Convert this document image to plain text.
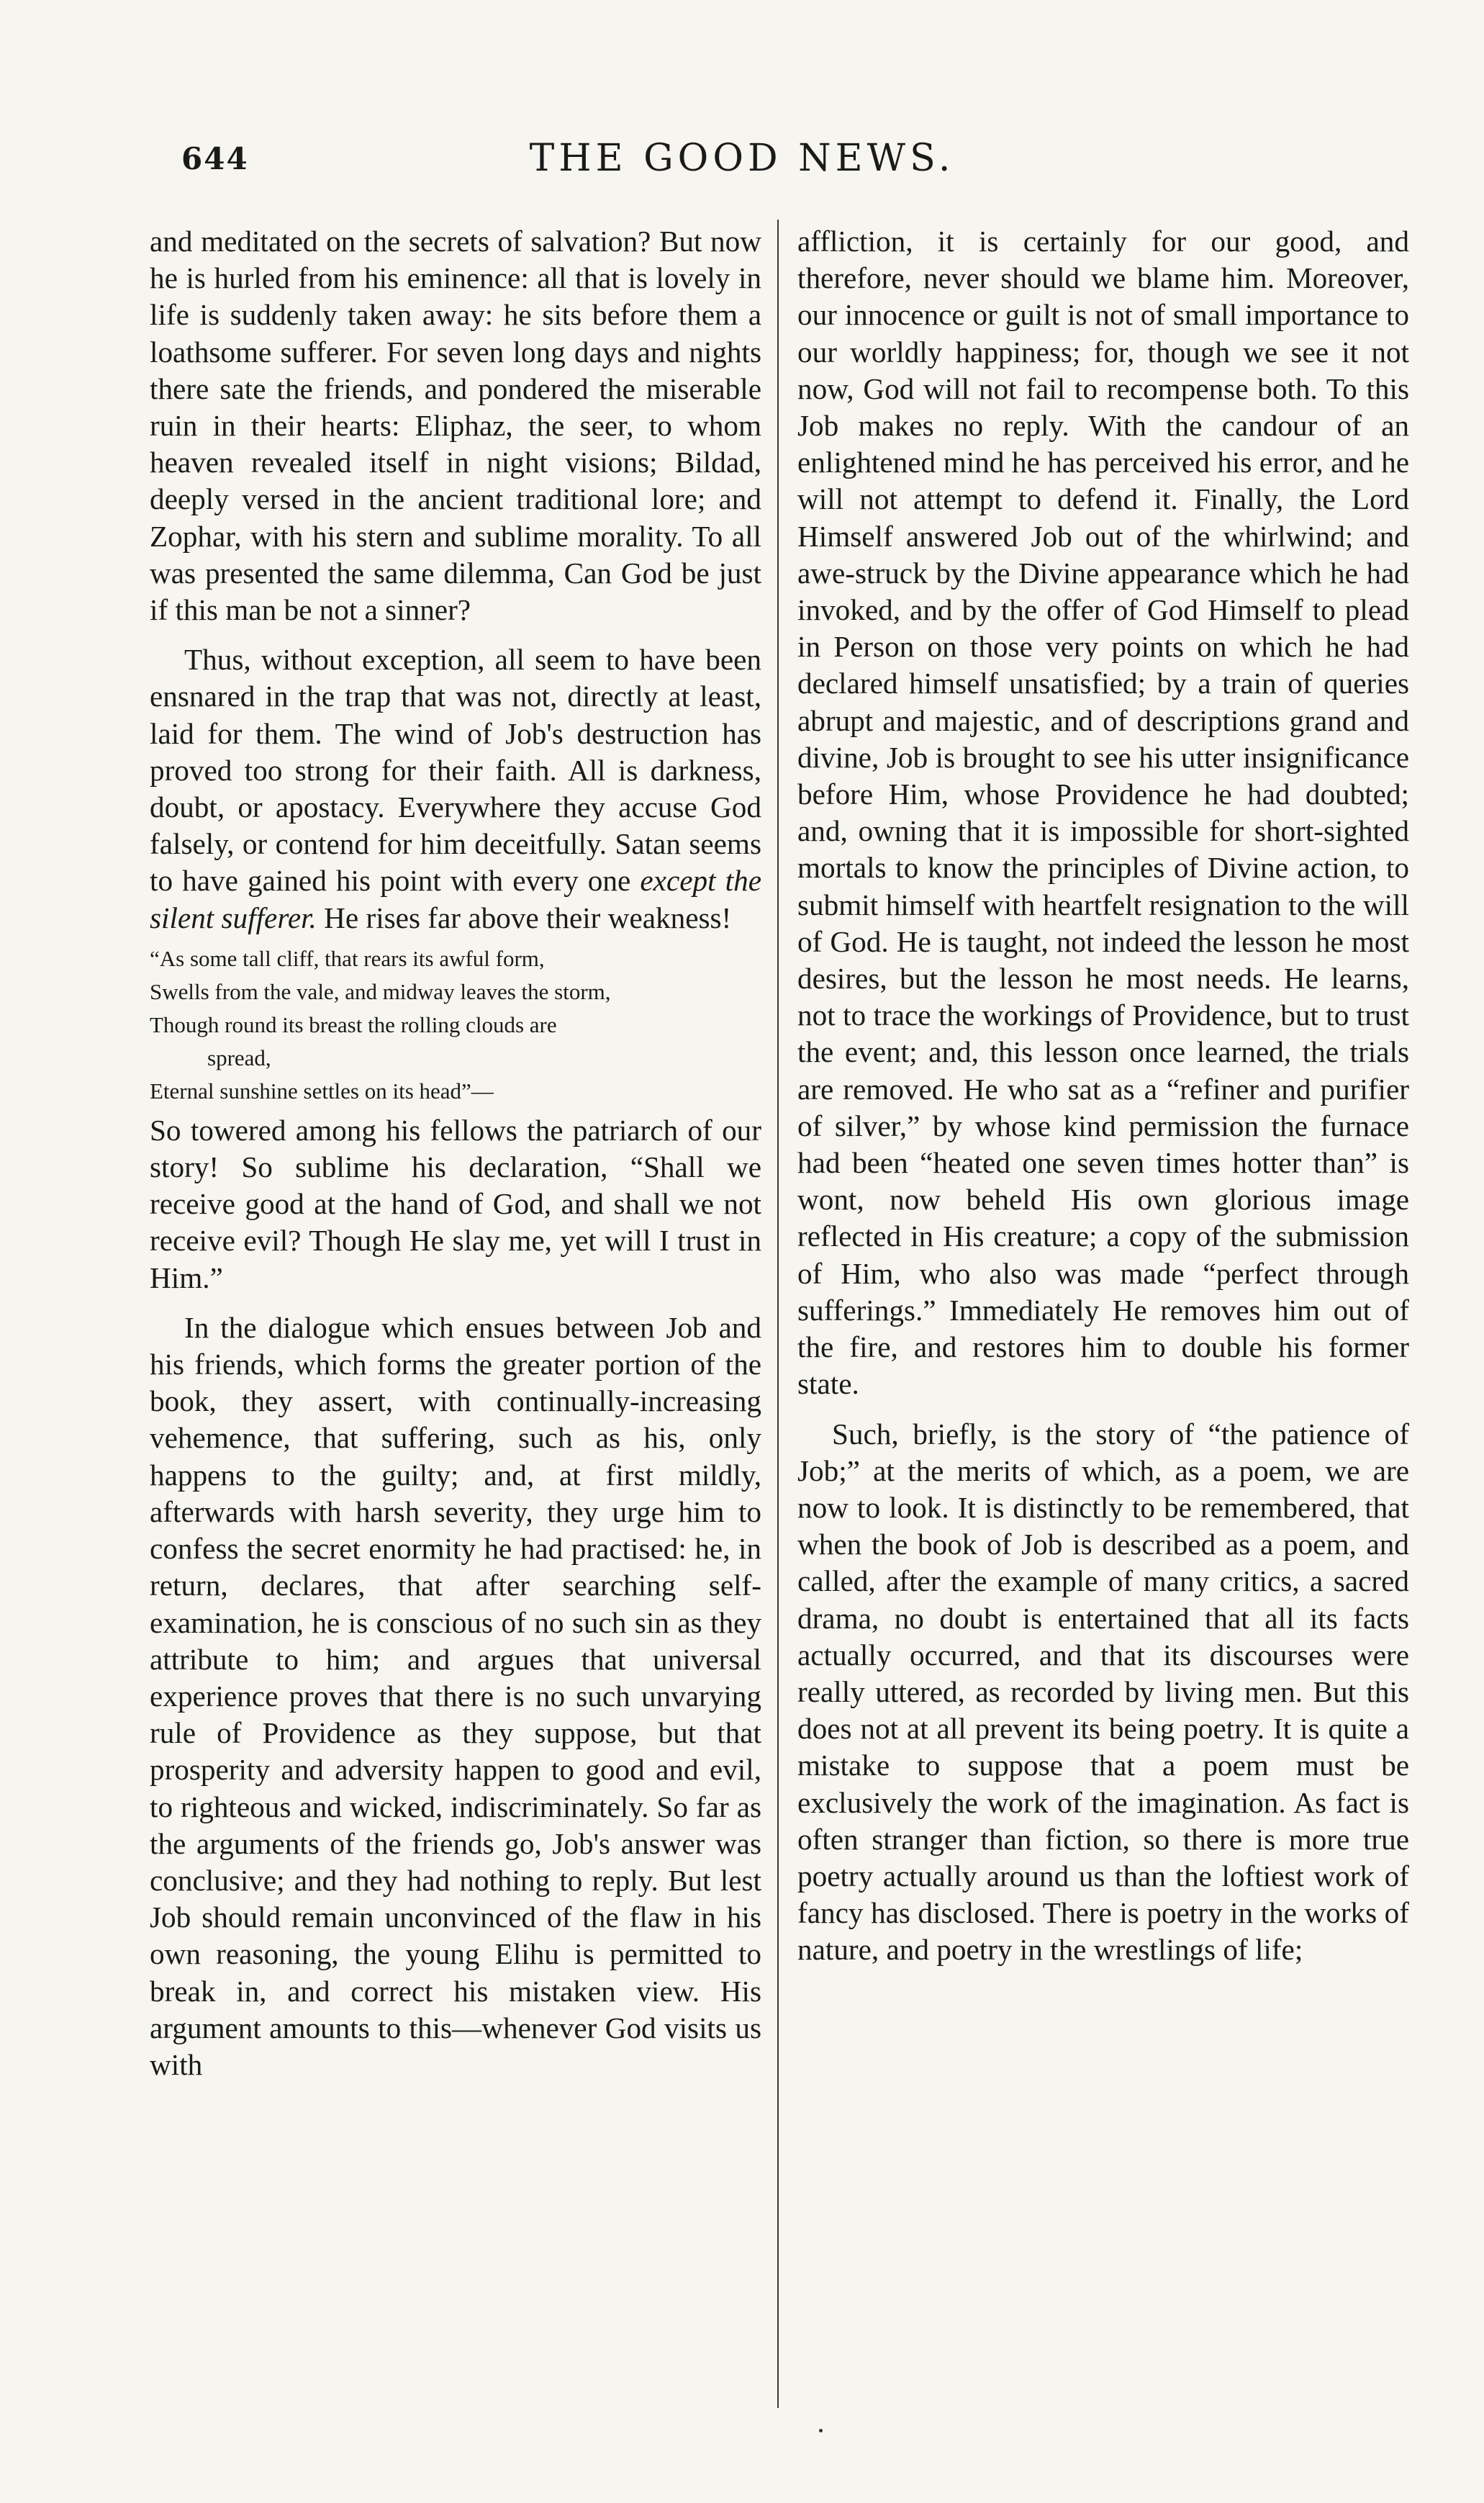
644	THE GOOD NEWS.

and meditated on the secrets of salvation? But now he is hurled from his eminence: all that is lovely in life is suddenly taken away: he sits before them a loathsome sufferer. For seven long days and nights there sate the friends, and pondered the miserable ruin in their hearts: Eliphaz, the seer, to whom heaven revealed itself in night visions; Bildad, deeply versed in the ancient traditional lore; and Zophar, with his stern and sublime morality. To all was presented the same dilemma, Can God be just if this man be not a sinner?

Thus, without exception, all seem to have been ensnared in the trap that was not, directly at least, laid for them. The wind of Job's destruction has proved too strong for their faith. All is darkness, doubt, or apostacy. Everywhere they accuse God falsely, or contend for him deceitfully. Satan seems to have gained his point with every one except the silent sufferer. He rises far above their weakness!

“As some tall cliff, that rears its awful form,
Swells from the vale, and midway leaves the storm,
Though round its breast the rolling clouds are
spread,
Eternal sunshine settles on its head”—

So towered among his fellows the patriarch of our story! So sublime his declaration, “Shall we receive good at the hand of God, and shall we not receive evil? Though He slay me, yet will I trust in Him.”

In the dialogue which ensues between Job and his friends, which forms the greater portion of the book, they assert, with continually-increasing vehemence, that suffering, such as his, only happens to the guilty; and, at first mildly, afterwards with harsh severity, they urge him to confess the secret enormity he had practised: he, in return, declares, that after searching self-examination, he is conscious of no such sin as they attribute to him; and argues that universal experience proves that there is no such unvarying rule of Providence as they suppose, but that prosperity and adversity happen to good and evil, to righteous and wicked, indiscriminately. So far as the arguments of the friends go, Job's answer was conclusive; and they had nothing to reply. But lest Job should remain unconvinced of the flaw in his own reasoning, the young Elihu is permitted to break in, and correct his mistaken view. His argument amounts to this—whenever God visits us with

affliction, it is certainly for our good, and therefore, never should we blame him. Moreover, our innocence or guilt is not of small importance to our worldly happiness; for, though we see it not now, God will not fail to recompense both. To this Job makes no reply. With the candour of an enlightened mind he has perceived his error, and he will not attempt to defend it. Finally, the Lord Himself answered Job out of the whirlwind; and awe-struck by the Divine appearance which he had invoked, and by the offer of God Himself to plead in Person on those very points on which he had declared himself unsatisfied; by a train of queries abrupt and majestic, and of descriptions grand and divine, Job is brought to see his utter insignificance before Him, whose Providence he had doubted; and, owning that it is impossible for short-sighted mortals to know the principles of Divine action, to submit himself with heartfelt resignation to the will of God. He is taught, not indeed the lesson he most desires, but the lesson he most needs. He learns, not to trace the workings of Providence, but to trust the event; and, this lesson once learned, the trials are removed. He who sat as a “refiner and purifier of silver,” by whose kind permission the furnace had been “heated one seven times hotter than” is wont, now beheld His own glorious image reflected in His creature; a copy of the submission of Him, who also was made “perfect through sufferings.” Immediately He removes him out of the fire, and restores him to double his former state.

Such, briefly, is the story of “the patience of Job;” at the merits of which, as a poem, we are now to look. It is distinctly to be remembered, that when the book of Job is described as a poem, and called, after the example of many critics, a sacred drama, no doubt is entertained that all its facts actually occurred, and that its discourses were really uttered, as recorded by living men. But this does not at all prevent its being poetry. It is quite a mistake to suppose that a poem must be exclusively the work of the imagination. As fact is often stranger than fiction, so there is more true poetry actually around us than the loftiest work of fancy has disclosed. There is poetry in the works of nature, and poetry in the wrestlings of life;
